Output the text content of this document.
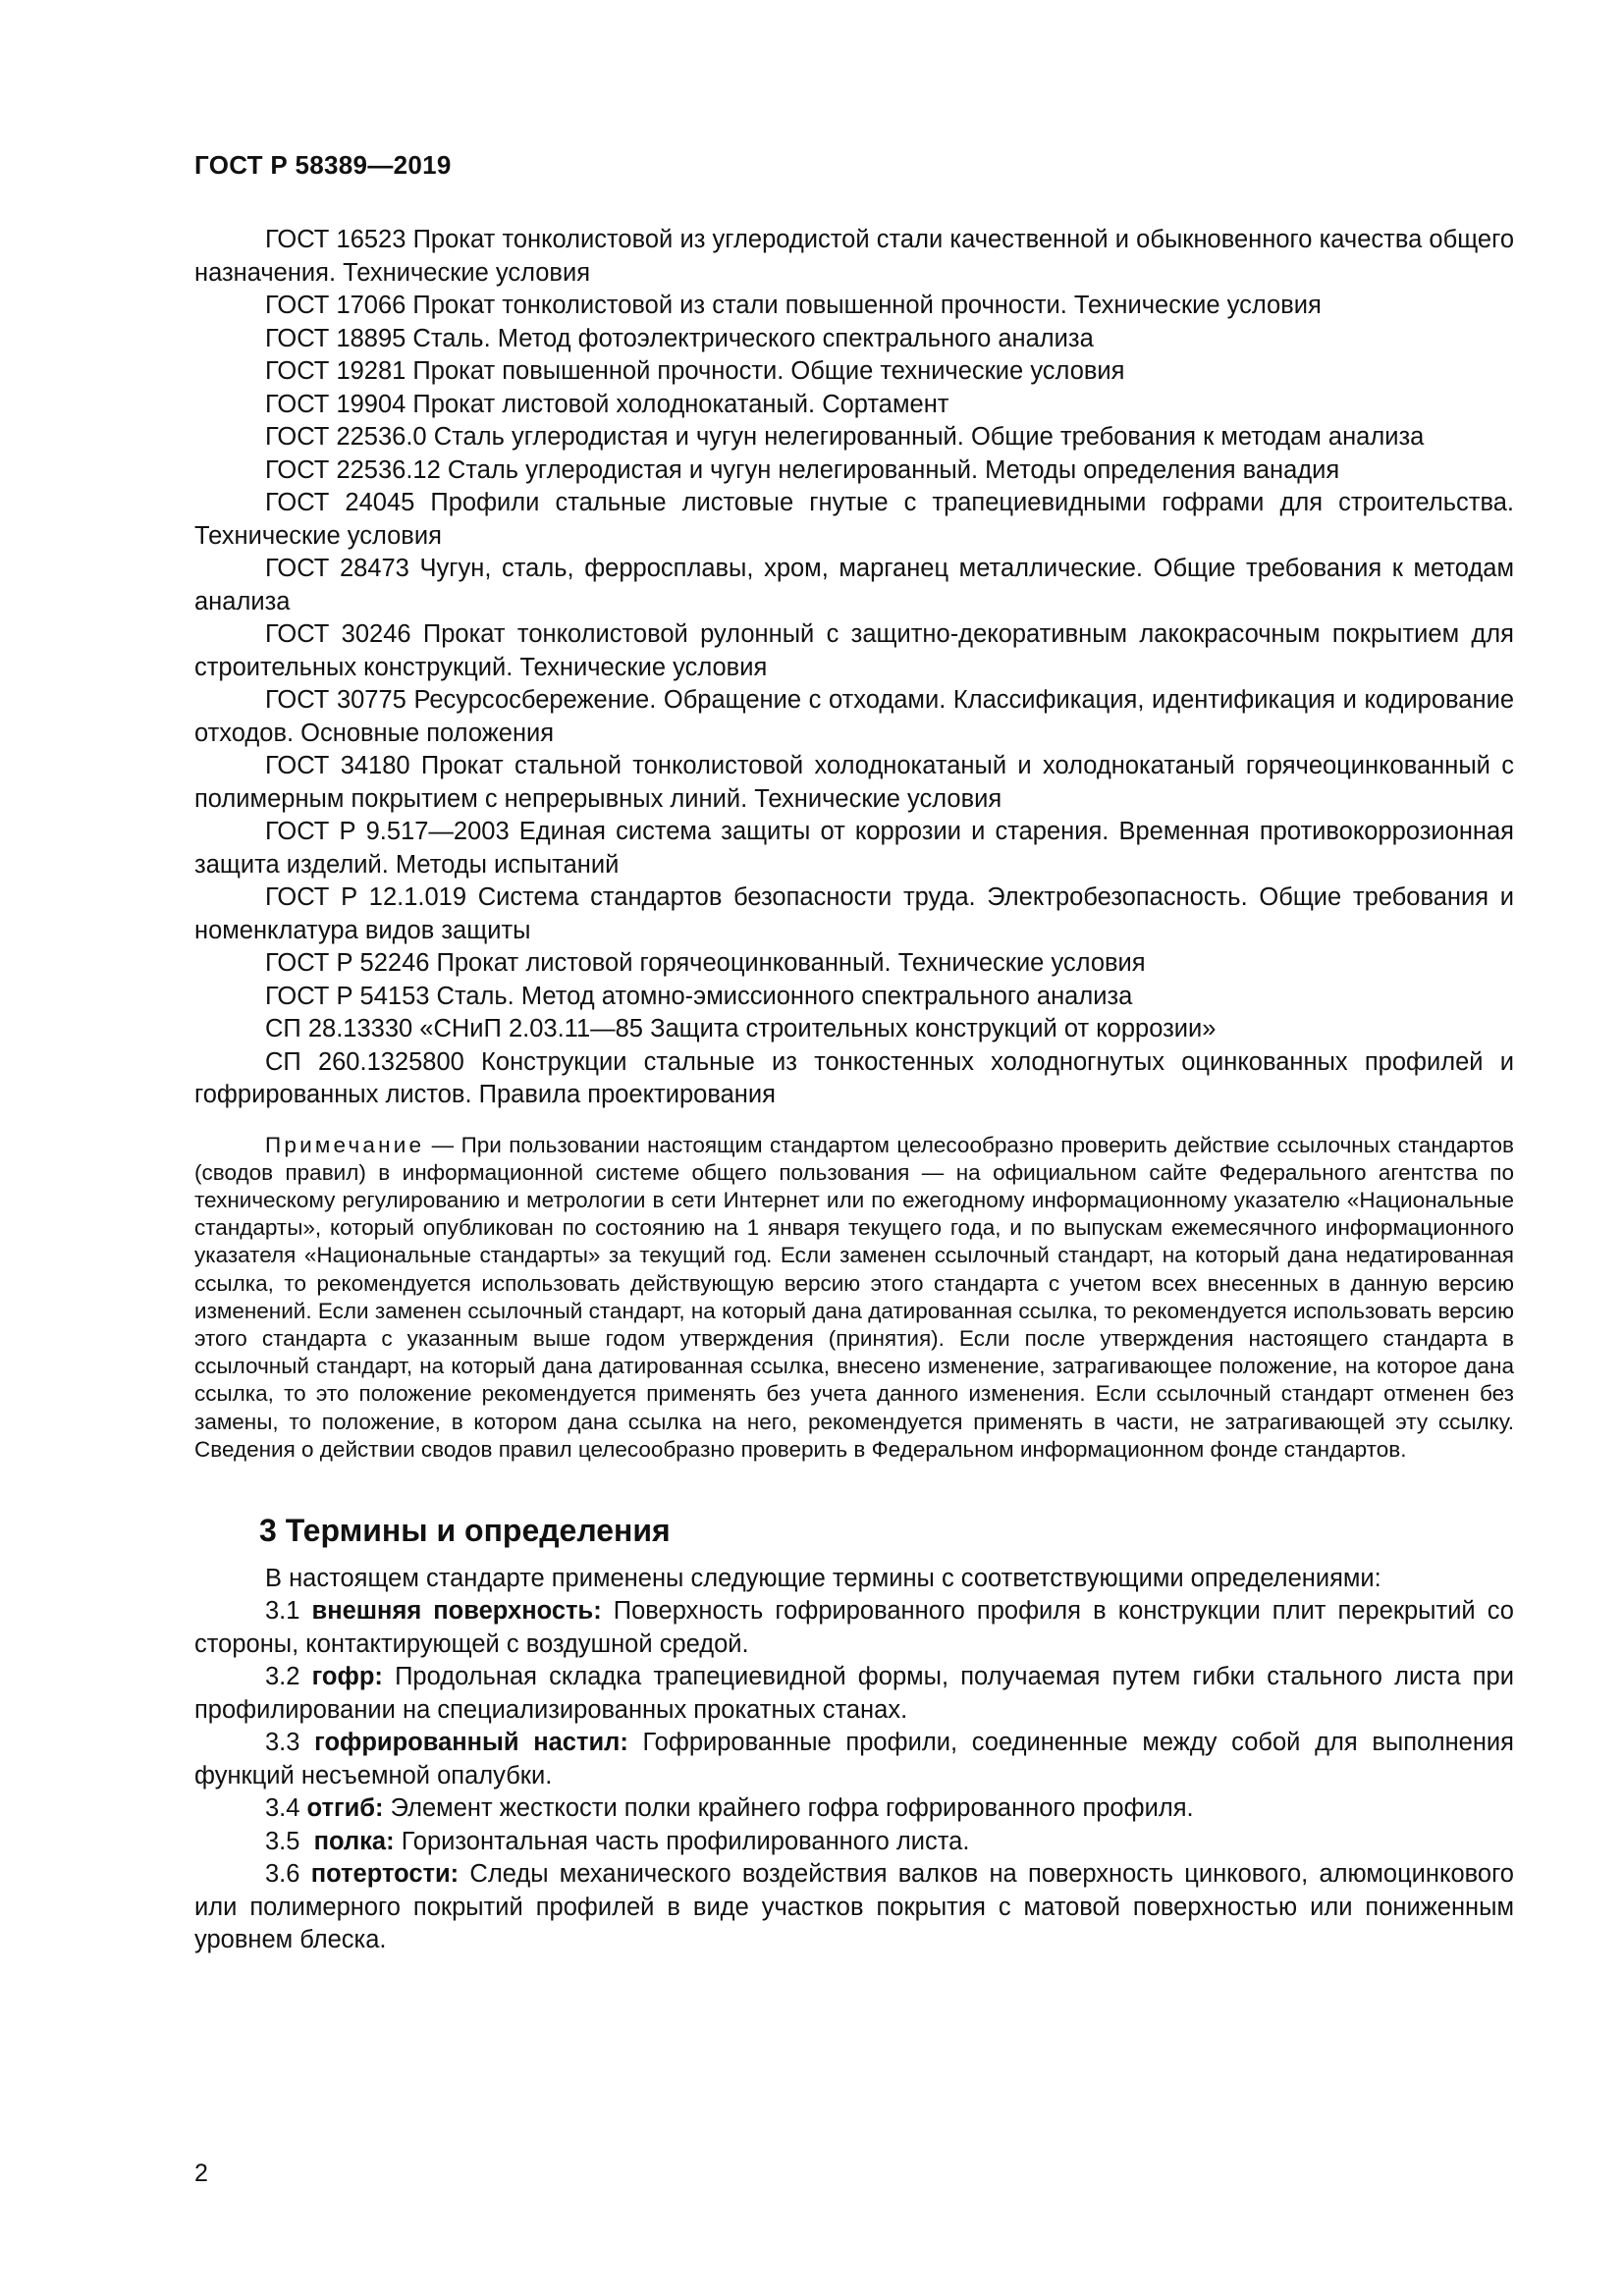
ГОСТ Р 58389—2019

ГОСТ 16523 Прокат тонколистовой из углеродистой стали качественной и обыкновенного качества общего назначения. Технические условия

ГОСТ 17066 Прокат тонколистовой из стали повышенной прочности. Технические условия

ГОСТ 18895 Сталь. Метод фотоэлектрического спектрального анализа

ГОСТ 19281 Прокат повышенной прочности. Общие технические условия

ГОСТ 19904 Прокат листовой холоднокатаный. Сортамент

ГОСТ 22536.0 Сталь углеродистая и чугун нелегированный. Общие требования к методам анализа

ГОСТ 22536.12 Сталь углеродистая и чугун нелегированный. Методы определения ванадия

ГОСТ 24045 Профили стальные листовые гнутые с трапециевидными гофрами для строительства. Технические условия

ГОСТ 28473 Чугун, сталь, ферросплавы, хром, марганец металлические. Общие требования к методам анализа

ГОСТ 30246 Прокат тонколистовой рулонный с защитно-декоративным лакокрасочным покрытием для строительных конструкций. Технические условия

ГОСТ 30775 Ресурсосбережение. Обращение с отходами. Классификация, идентификация и кодирование отходов. Основные положения

ГОСТ 34180 Прокат стальной тонколистовой холоднокатаный и холоднокатаный горячеоцинкованный с полимерным покрытием с непрерывных линий. Технические условия

ГОСТ Р 9.517—2003 Единая система защиты от коррозии и старения. Временная противокоррозионная защита изделий. Методы испытаний

ГОСТ Р 12.1.019 Система стандартов безопасности труда. Электробезопасность. Общие требования и номенклатура видов защиты

ГОСТ Р 52246 Прокат листовой горячеоцинкованный. Технические условия

ГОСТ Р 54153 Сталь. Метод атомно-эмиссионного спектрального анализа

СП 28.13330 «СНиП 2.03.11—85 Защита строительных конструкций от коррозии»

СП 260.1325800 Конструкции стальные из тонкостенных холодногнутых оцинкованных профилей и гофрированных листов. Правила проектирования

Примечание — При пользовании настоящим стандартом целесообразно проверить действие ссылочных стандартов (сводов правил) в информационной системе общего пользования — на официальном сайте Федерального агентства по техническому регулированию и метрологии в сети Интернет или по ежегодному информационному указателю «Национальные стандарты», который опубликован по состоянию на 1 января текущего года, и по выпускам ежемесячного информационного указателя «Национальные стандарты» за текущий год. Если заменен ссылочный стандарт, на который дана недатированная ссылка, то рекомендуется использовать действующую версию этого стандарта с учетом всех внесенных в данную версию изменений. Если заменен ссылочный стандарт, на который дана датированная ссылка, то рекомендуется использовать версию этого стандарта с указанным выше годом утверждения (принятия). Если после утверждения настоящего стандарта в ссылочный стандарт, на который дана датированная ссылка, внесено изменение, затрагивающее положение, на которое дана ссылка, то это положение рекомендуется применять без учета данного изменения. Если ссылочный стандарт отменен без замены, то положение, в котором дана ссылка на него, рекомендуется применять в части, не затрагивающей эту ссылку. Сведения о действии сводов правил целесообразно проверить в Федеральном информационном фонде стандартов.

3 Термины и определения

В настоящем стандарте применены следующие термины с соответствующими определениями:

3.1 внешняя поверхность: Поверхность гофрированного профиля в конструкции плит перекрытий со стороны, контактирующей с воздушной средой.

3.2 гофр: Продольная складка трапециевидной формы, получаемая путем гибки стального листа при профилировании на специализированных прокатных станах.

3.3 гофрированный настил: Гофрированные профили, соединенные между собой для выполнения функций несъемной опалубки.

3.4 отгиб: Элемент жесткости полки крайнего гофра гофрированного профиля.

3.5  полка: Горизонтальная часть профилированного листа.

3.6 потертости: Следы механического воздействия валков на поверхность цинкового, алюмоцинкового или полимерного покрытий профилей в виде участков покрытия с матовой поверхностью или пониженным уровнем блеска.

2
